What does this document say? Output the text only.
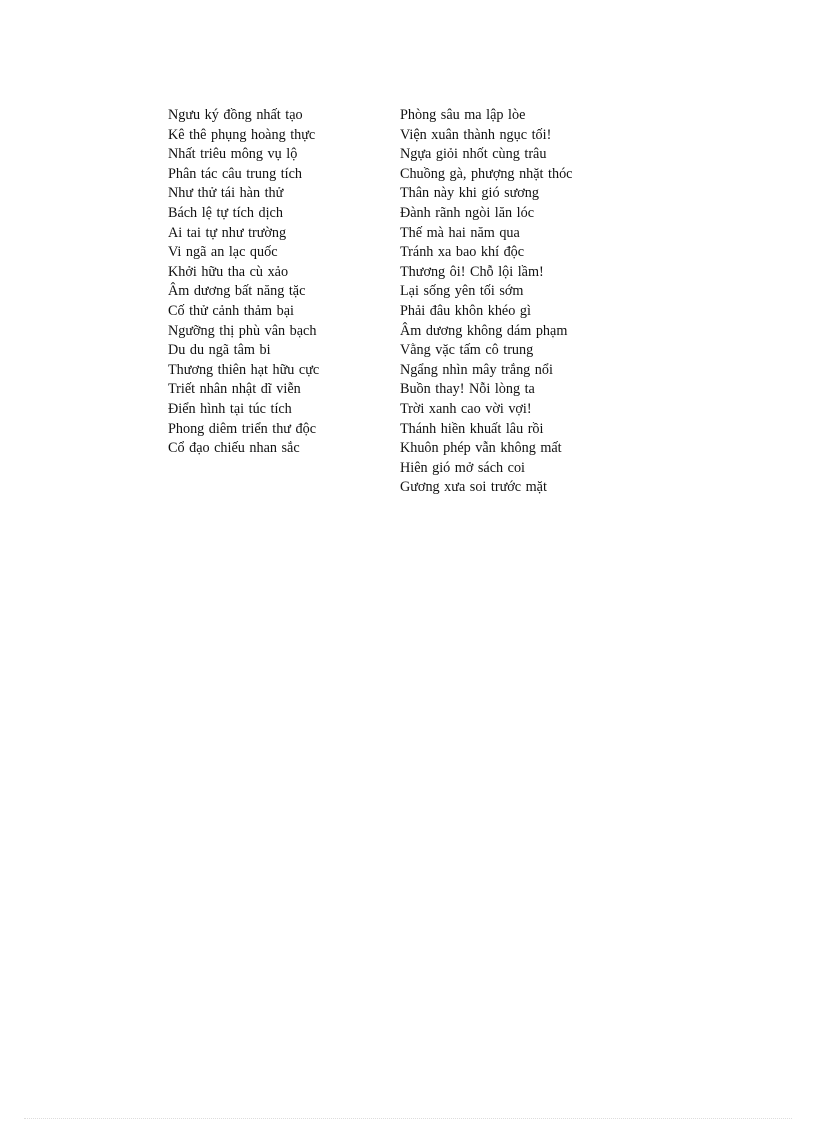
Ngưu ký đồng nhất tạo
Kê thê phụng hoàng thực
Nhất triêu mông vụ lộ
Phân tác câu trung tích
Như thử tái hàn thử
Bách lệ tự tích dịch
Ai tai tự như trường
Vi ngã an lạc quốc
Khởi hữu tha cù xảo
Âm dương bất năng tặc
Cố thử cảnh thảm bại
Ngưỡng thị phù vân bạch
Du du ngã tâm bi
Thương thiên hạt hữu cực
Triết nhân nhật dĩ viễn
Điển hình tại túc tích
Phong diêm triển thư độc
Cổ đạo chiếu nhan sắc
Phòng sâu ma lập lòe
Viện xuân thành ngục tối!
Ngựa giỏi nhốt cùng trâu
Chuồng gà, phượng nhặt thóc
Thân này khi gió sương
Đành rãnh ngòi lăn lóc
Thế mà hai năm qua
Tránh xa bao khí độc
Thương ôi! Chỗ lội lầm!
Lại sống yên tối sớm
Phải đâu khôn khéo gì
Âm dương không dám phạm
Vằng vặc tấm cô trung
Ngẩng nhìn mây trắng nổi
Buồn thay! Nỗi lòng ta
Trời xanh cao vời vợi!
Thánh hiền khuất lâu rồi
Khuôn phép vẫn không mất
Hiên gió mở sách coi
Gương xưa soi trước mặt
